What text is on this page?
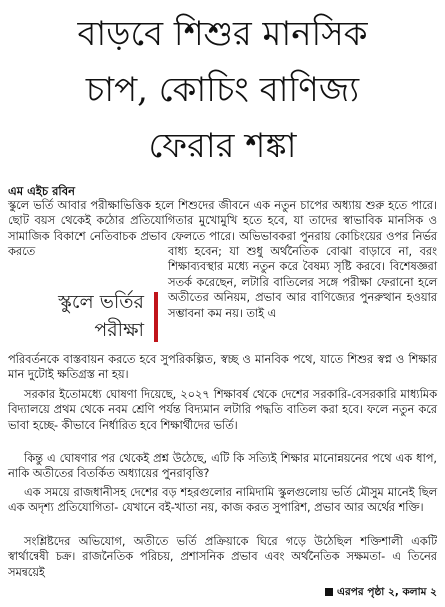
বাড়বে শিশুর মানসিক
চাপ, কোচিং বাণিজ্য
ফেরার শঙ্কা
এম এইচ রবিন
স্কুলে ভর্তি আবার পরীক্ষাভিত্তিক হলে শিশুদের জীবনে এক নতুন চাপের অধ্যায় শুরু হতে পারে। ছোট বয়স থেকেই কঠোর প্রতিযোগিতার মুখোমুখি হতে হবে, যা তাদের স্বাভাবিক মানসিক ও সামাজিক বিকাশে নেতিবাচক প্রভাব ফেলতে পারে। অভিভাবকরা পুনরায় কোচিংয়ের ওপর নির্ভর করতে
স্কুলে ভর্তির
পরীক্ষা
বাধ্য হবেন; যা শুধু অর্থনৈতিক বোঝা বাড়াবে না, বরং শিক্ষাব্যবস্থার মধ্যে নতুন করে বৈষম্য সৃষ্টি করবে। বিশেষজ্ঞরা সতর্ক করেছেন, লটারি বাতিলের সঙ্গে পরীক্ষা ফেরানো হলে অতীতের অনিয়ম, প্রভাব আর বাণিজ্যের পুনরুত্থান হওয়ার সম্ভাবনা কম নয়। তাই এ
পরিবর্তনকে বাস্তবায়ন করতে হবে সুপরিকল্পিত, স্বচ্ছ ও মানবিক পথে, যাতে শিশুর স্বপ্ন ও শিক্ষার মান দুটোই ক্ষতিগ্রস্ত না হয়।
সরকার ইতোমধ্যে ঘোষণা দিয়েছে, ২০২৭ শিক্ষাবর্ষ থেকে দেশের সরকারি-বেসরকারি মাধ্যমিক বিদ্যালয়ে প্রথম থেকে নবম শ্রেণি পর্যন্ত বিদ্যমান লটারি পদ্ধতি বাতিল করা হবে। ফলে নতুন করে ভাবা হচ্ছে- কীভাবে নির্ধারিত হবে শিক্ষার্থীদের ভর্তি।
কিন্তু এ ঘোষণার পর থেকেই প্রশ্ন উঠেছে, এটি কি সত্যিই শিক্ষার মানোন্নয়নের পথে এক ধাপ, নাকি অতীতের বিতর্কিত অধ্যায়ের পুনরাবৃত্তি?
এক সময়ে রাজধানীসহ দেশের বড় শহরগুলোর নামিদামি স্কুলগুলোয় ভর্তি মৌসুম মানেই ছিল এক অদৃশ্য প্রতিযোগিতা- যেখানে বই-খাতা নয়, কাজ করত সুপারিশ, প্রভাব আর অর্থের শক্তি।
সংশ্লিষ্টদের অভিযোগ, অতীতে ভর্তি প্রক্রিয়াকে ঘিরে গড়ে উঠেছিল শক্তিশালী একটি স্বার্থান্বেষী চক্র। রাজনৈতিক পরিচয়, প্রশাসনিক প্রভাব এবং অর্থনৈতিক সক্ষমতা- এ তিনের সমন্বয়েই
এরপর পৃষ্ঠা ২, কলাম ২
